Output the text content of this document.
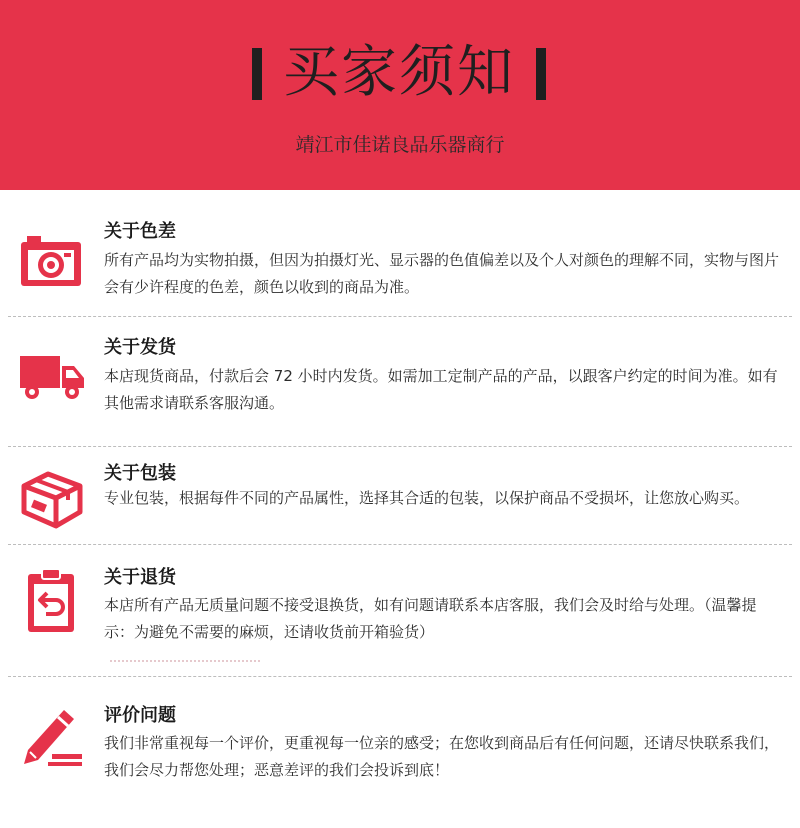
买家须知
靖江市佳诺良品乐器商行
关于色差
所有产品均为实物拍摄，但因为拍摄灯光、显示器的色值偏差以及个人对颜色的理解不同，实物与图片会有少许程度的色差，颜色以收到的商品为准。
关于发货
本店现货商品，付款后会 72 小时内发货。如需加工定制产品的产品，以跟客户约定的时间为准。如有其他需求请联系客服沟通。
关于包装
专业包装，根据每件不同的产品属性，选择其合适的包装，以保护商品不受损坏，让您放心购买。
关于退货
本店所有产品无质量问题不接受退换货，如有问题请联系本店客服，我们会及时给与处理。（温馨提示：为避免不需要的麻烦，还请收货前开箱验货）
评价问题
我们非常重视每一个评价，更重视每一位亲的感受；在您收到商品后有任何问题，还请尽快联系我们，我们会尽力帮您处理；恶意差评的我们会投诉到底！
